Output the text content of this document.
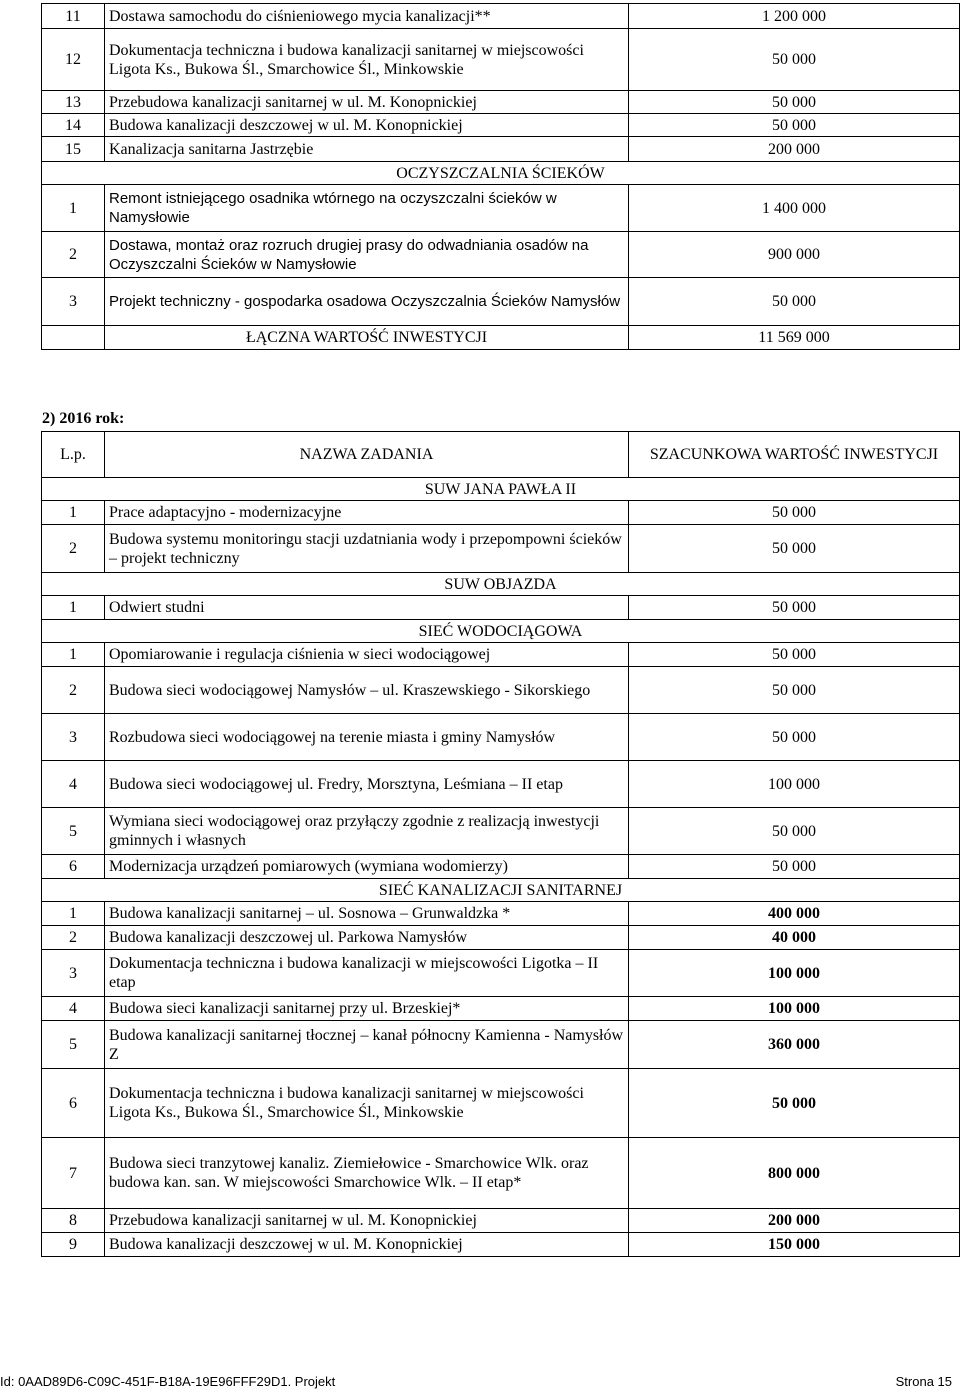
11	Dostawa samochodu do ciśnieniowego mycia kanalizacji**	1 200 000
12	Dokumentacja techniczna i budowa kanalizacji sanitarnej w miejscowości Ligota Ks., Bukowa Śl., Smarchowice Śl., Minkowskie	50 000
13	Przebudowa kanalizacji sanitarnej w ul. M. Konopnickiej	50 000
14	Budowa kanalizacji deszczowej w ul. M. Konopnickiej	50 000
15	Kanalizacja sanitarna Jastrzębie	200 000
OCZYSZCZALNIA ŚCIEKÓW		
1	Remont istniejącego osadnika wtórnego na oczyszczalni ścieków w Namysłowie	1 400 000
2	Dostawa, montaż oraz rozruch drugiej prasy do odwadniania osadów na Oczyszczalni Ścieków w Namysłowie	900 000
3	Projekt techniczny - gospodarka osadowa Oczyszczalnia Ścieków Namysłów	50 000
	ŁĄCZNA WARTOŚĆ INWESTYCJI	11 569 000
2) 2016 rok:
L.p.	NAZWA ZADANIA	SZACUNKOWA WARTOŚĆ INWESTYCJI
SUW JANA PAWŁA II		
1	Prace adaptacyjno - modernizacyjne	50 000
2	Budowa systemu monitoringu stacji uzdatniania wody i przepompowni ścieków – projekt techniczny	50 000
SUW OBJAZDA		
1	Odwiert studni	50 000
SIEĆ WODOCIĄGOWA		
1	Opomiarowanie i regulacja ciśnienia w sieci wodociągowej	50 000
2	Budowa sieci wodociągowej Namysłów – ul. Kraszewskiego - Sikorskiego	50 000
3	Rozbudowa sieci wodociągowej na terenie miasta i gminy Namysłów	50 000
4	Budowa sieci wodociągowej ul. Fredry, Morsztyna, Leśmiana – II etap	100 000
5	Wymiana sieci wodociągowej oraz przyłączy zgodnie z realizacją inwestycji gminnych i własnych	50 000
6	Modernizacja urządzeń pomiarowych (wymiana wodomierzy)	50 000
SIEĆ KANALIZACJI SANITARNEJ		
1	Budowa kanalizacji sanitarnej – ul. Sosnowa – Grunwaldzka *	400 000
2	Budowa kanalizacji deszczowej ul. Parkowa Namysłów	40 000
3	Dokumentacja techniczna i budowa kanalizacji w miejscowości Ligotka – II etap	100 000
4	Budowa sieci kanalizacji sanitarnej przy ul. Brzeskiej*	100 000
5	Budowa kanalizacji sanitarnej tłocznej – kanał północny Kamienna - Namysłów Z	360 000
6	Dokumentacja techniczna i budowa kanalizacji sanitarnej w miejscowości Ligota Ks., Bukowa Śl., Smarchowice Śl., Minkowskie	50 000
7	Budowa sieci tranzytowej kanaliz. Ziemiełowice - Smarchowice Wlk. oraz budowa kan. san. W miejscowości Smarchowice Wlk. – II etap*	800 000
8	Przebudowa kanalizacji sanitarnej w ul. M. Konopnickiej	200 000
9	Budowa kanalizacji deszczowej w ul. M. Konopnickiej	150 000
Id: 0AAD89D6-C09C-451F-B18A-19E96FFF29D1. Projekt	Strona 15
